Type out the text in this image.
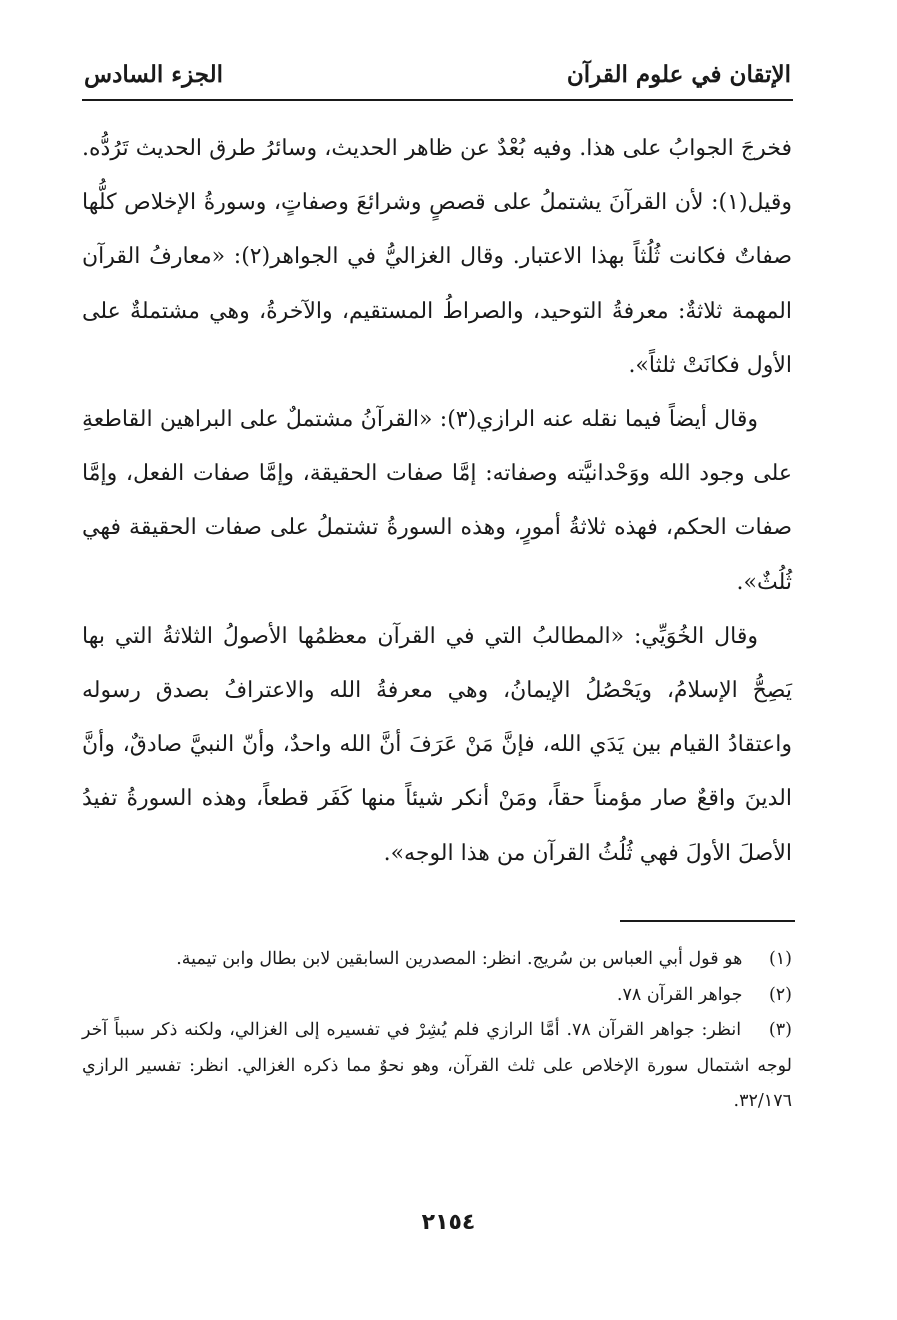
الإتقان في علوم القرآن
الجزء السادس

فخرجَ الجوابُ على هذا. وفيه بُعْدٌ عن ظاهر الحديث، وسائرُ طرق الحديث تَرُدُّه. وقيل(١): لأن القرآنَ يشتملُ على قصصٍ وشرائعَ وصفاتٍ، وسورةُ الإخلاص كلُّها صفاتٌ فكانت ثُلُثاً بهذا الاعتبار. وقال الغزاليُّ في الجواهر(٢): «معارفُ القرآن المهمة ثلاثةٌ: معرفةُ التوحيد، والصراطُ المستقيم، والآخرةُ، وهي مشتملةٌ على الأول فكانَتْ ثلثاً».

وقال أيضاً فيما نقله عنه الرازي(٣): «القرآنُ مشتملٌ على البراهين القاطعةِ على وجود الله ووَحْدانيَّته وصفاته: إمَّا صفات الحقيقة، وإمَّا صفات الفعل، وإمَّا صفات الحكم، فهذه ثلاثةُ أمورٍ، وهذه السورةُ تشتملُ على صفات الحقيقة فهي ثُلُثٌ».

وقال الخُوَيِّي: «المطالبُ التي في القرآن معظمُها الأصولُ الثلاثةُ التي بها يَصِحُّ الإسلامُ، ويَحْصُلُ الإيمانُ، وهي معرفةُ الله والاعترافُ بصدق رسوله واعتقادُ القيام بين يَدَي الله، فإنَّ مَنْ عَرَفَ أنَّ الله واحدٌ، وأنّ النبيَّ صادقٌ، وأنَّ الدينَ واقعٌ صار مؤمناً حقاً، ومَنْ أنكر شيئاً منها كَفَر قطعاً، وهذه السورةُ تفيدُ الأصلَ الأولَ فهي ثُلُثُ القرآن من هذا الوجه».

(١) هو قول أبي العباس بن سُريج. انظر: المصدرين السابقين لابن بطال وابن تيمية.

(٢) جواهر القرآن ٧٨.

(٣) انظر: جواهر القرآن ٧٨. أمَّا الرازي فلم يُشِرْ في تفسيره إلى الغزالي، ولكنه ذكر سبباً آخر لوجه اشتمال سورة الإخلاص على ثلث القرآن، وهو نحوٌ مما ذكره الغزالي. انظر: تفسير الرازي ٣٢/١٧٦.

٢١٥٤
